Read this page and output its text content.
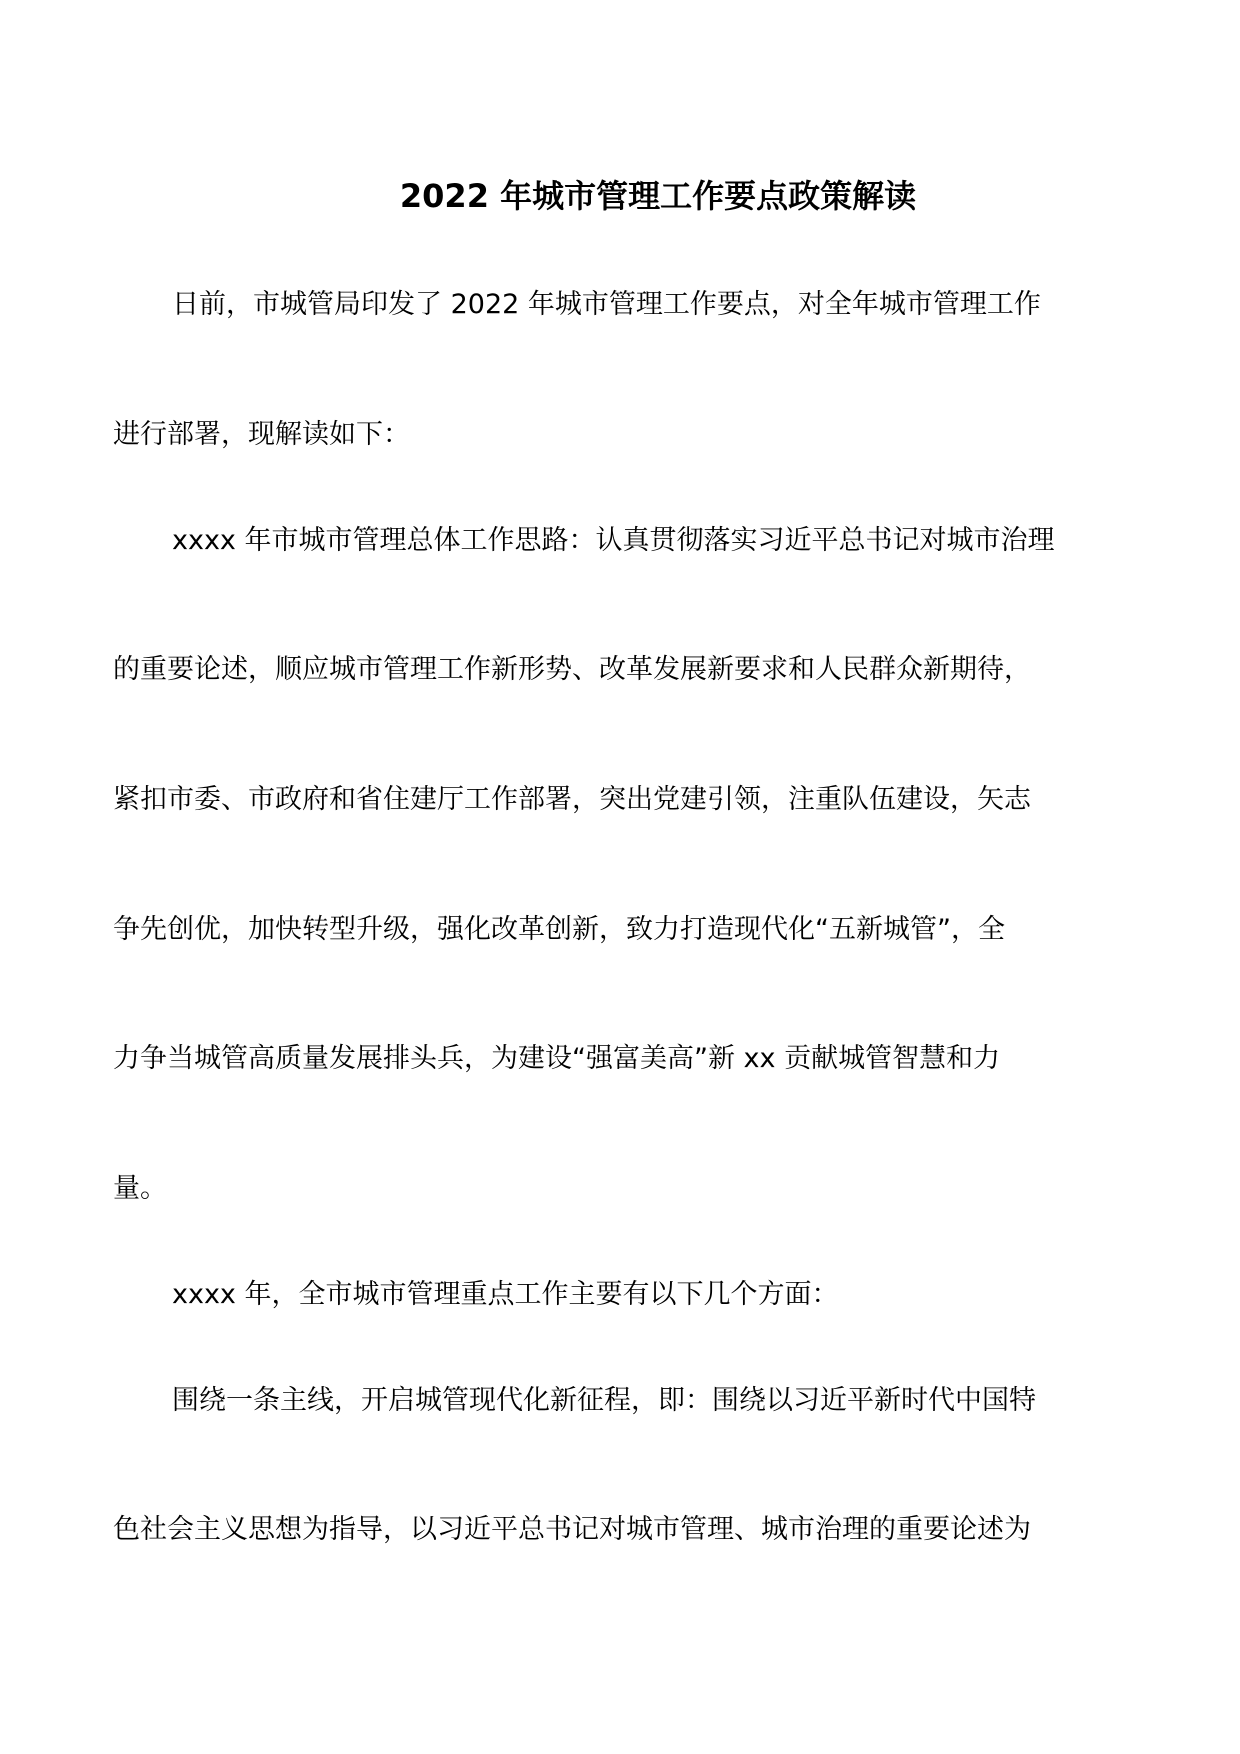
2022 年城市管理工作要点政策解读
日前，市城管局印发了 2022 年城市管理工作要点，对全年城市管理工作
进行部署，现解读如下：
xxxx 年市城市管理总体工作思路：认真贯彻落实习近平总书记对城市治理
的重要论述，顺应城市管理工作新形势、改革发展新要求和人民群众新期待，
紧扣市委、市政府和省住建厅工作部署，突出党建引领，注重队伍建设，矢志
争先创优，加快转型升级，强化改革创新，致力打造现代化“五新城管”，全
力争当城管高质量发展排头兵，为建设“强富美高”新 xx 贡献城管智慧和力
量。
xxxx 年，全市城市管理重点工作主要有以下几个方面：
围绕一条主线，开启城管现代化新征程，即：围绕以习近平新时代中国特
色社会主义思想为指导，以习近平总书记对城市管理、城市治理的重要论述为
